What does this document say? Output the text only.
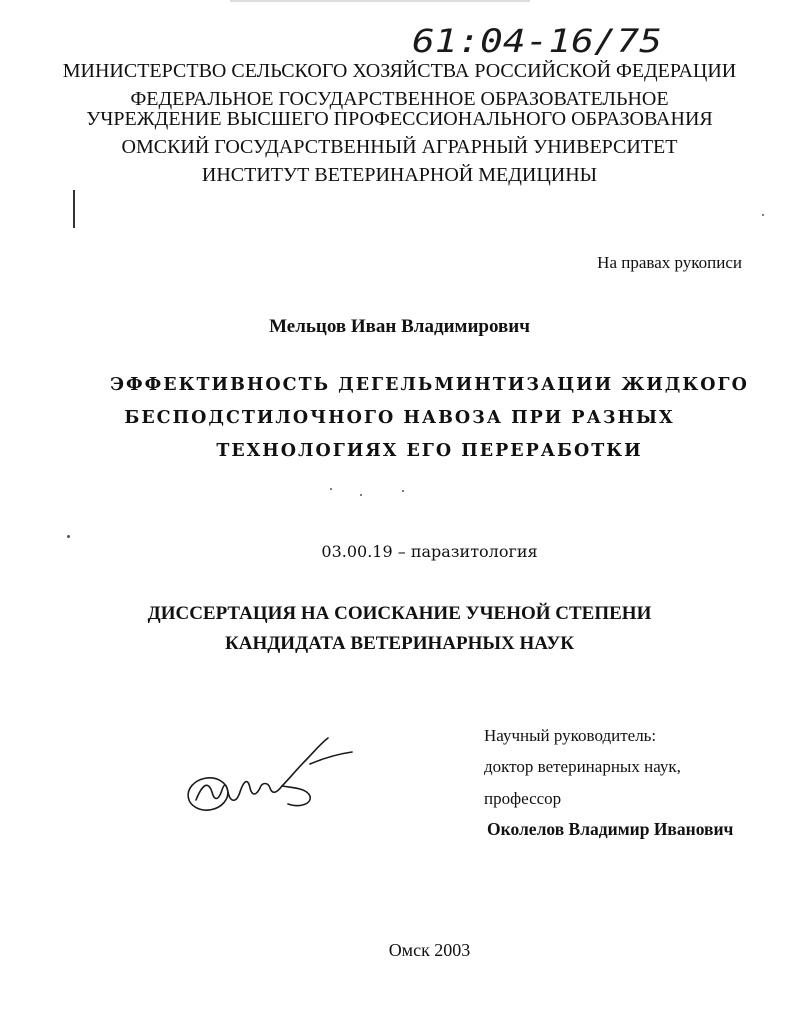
61:04-16/75
МИНИСТЕРСТВО СЕЛЬСКОГО ХОЗЯЙСТВА РОССИЙСКОЙ ФЕДЕРАЦИИ
ФЕДЕРАЛЬНОЕ ГОСУДАРСТВЕННОЕ ОБРАЗОВАТЕЛЬНОЕ
УЧРЕЖДЕНИЕ ВЫСШЕГО ПРОФЕССИОНАЛЬНОГО ОБРАЗОВАНИЯ
ОМСКИЙ ГОСУДАРСТВЕННЫЙ АГРАРНЫЙ УНИВЕРСИТЕТ
ИНСТИТУТ ВЕТЕРИНАРНОЙ МЕДИЦИНЫ
На правах рукописи
Мельцов Иван Владимирович
ЭФФЕКТИВНОСТЬ ДЕГЕЛЬМИНТИЗАЦИИ ЖИДКОГО
БЕСПОДСТИЛОЧНОГО НАВОЗА ПРИ РАЗНЫХ
ТЕХНОЛОГИЯХ ЕГО ПЕРЕРАБОТКИ
03.00.19 – паразитология
ДИССЕРТАЦИЯ НА СОИСКАНИЕ УЧЕНОЙ СТЕПЕНИ
КАНДИДАТА ВЕТЕРИНАРНЫХ НАУК
Научный руководитель:
доктор ветеринарных наук,
профессор
Околелов Владимир Иванович
Омск 2003
